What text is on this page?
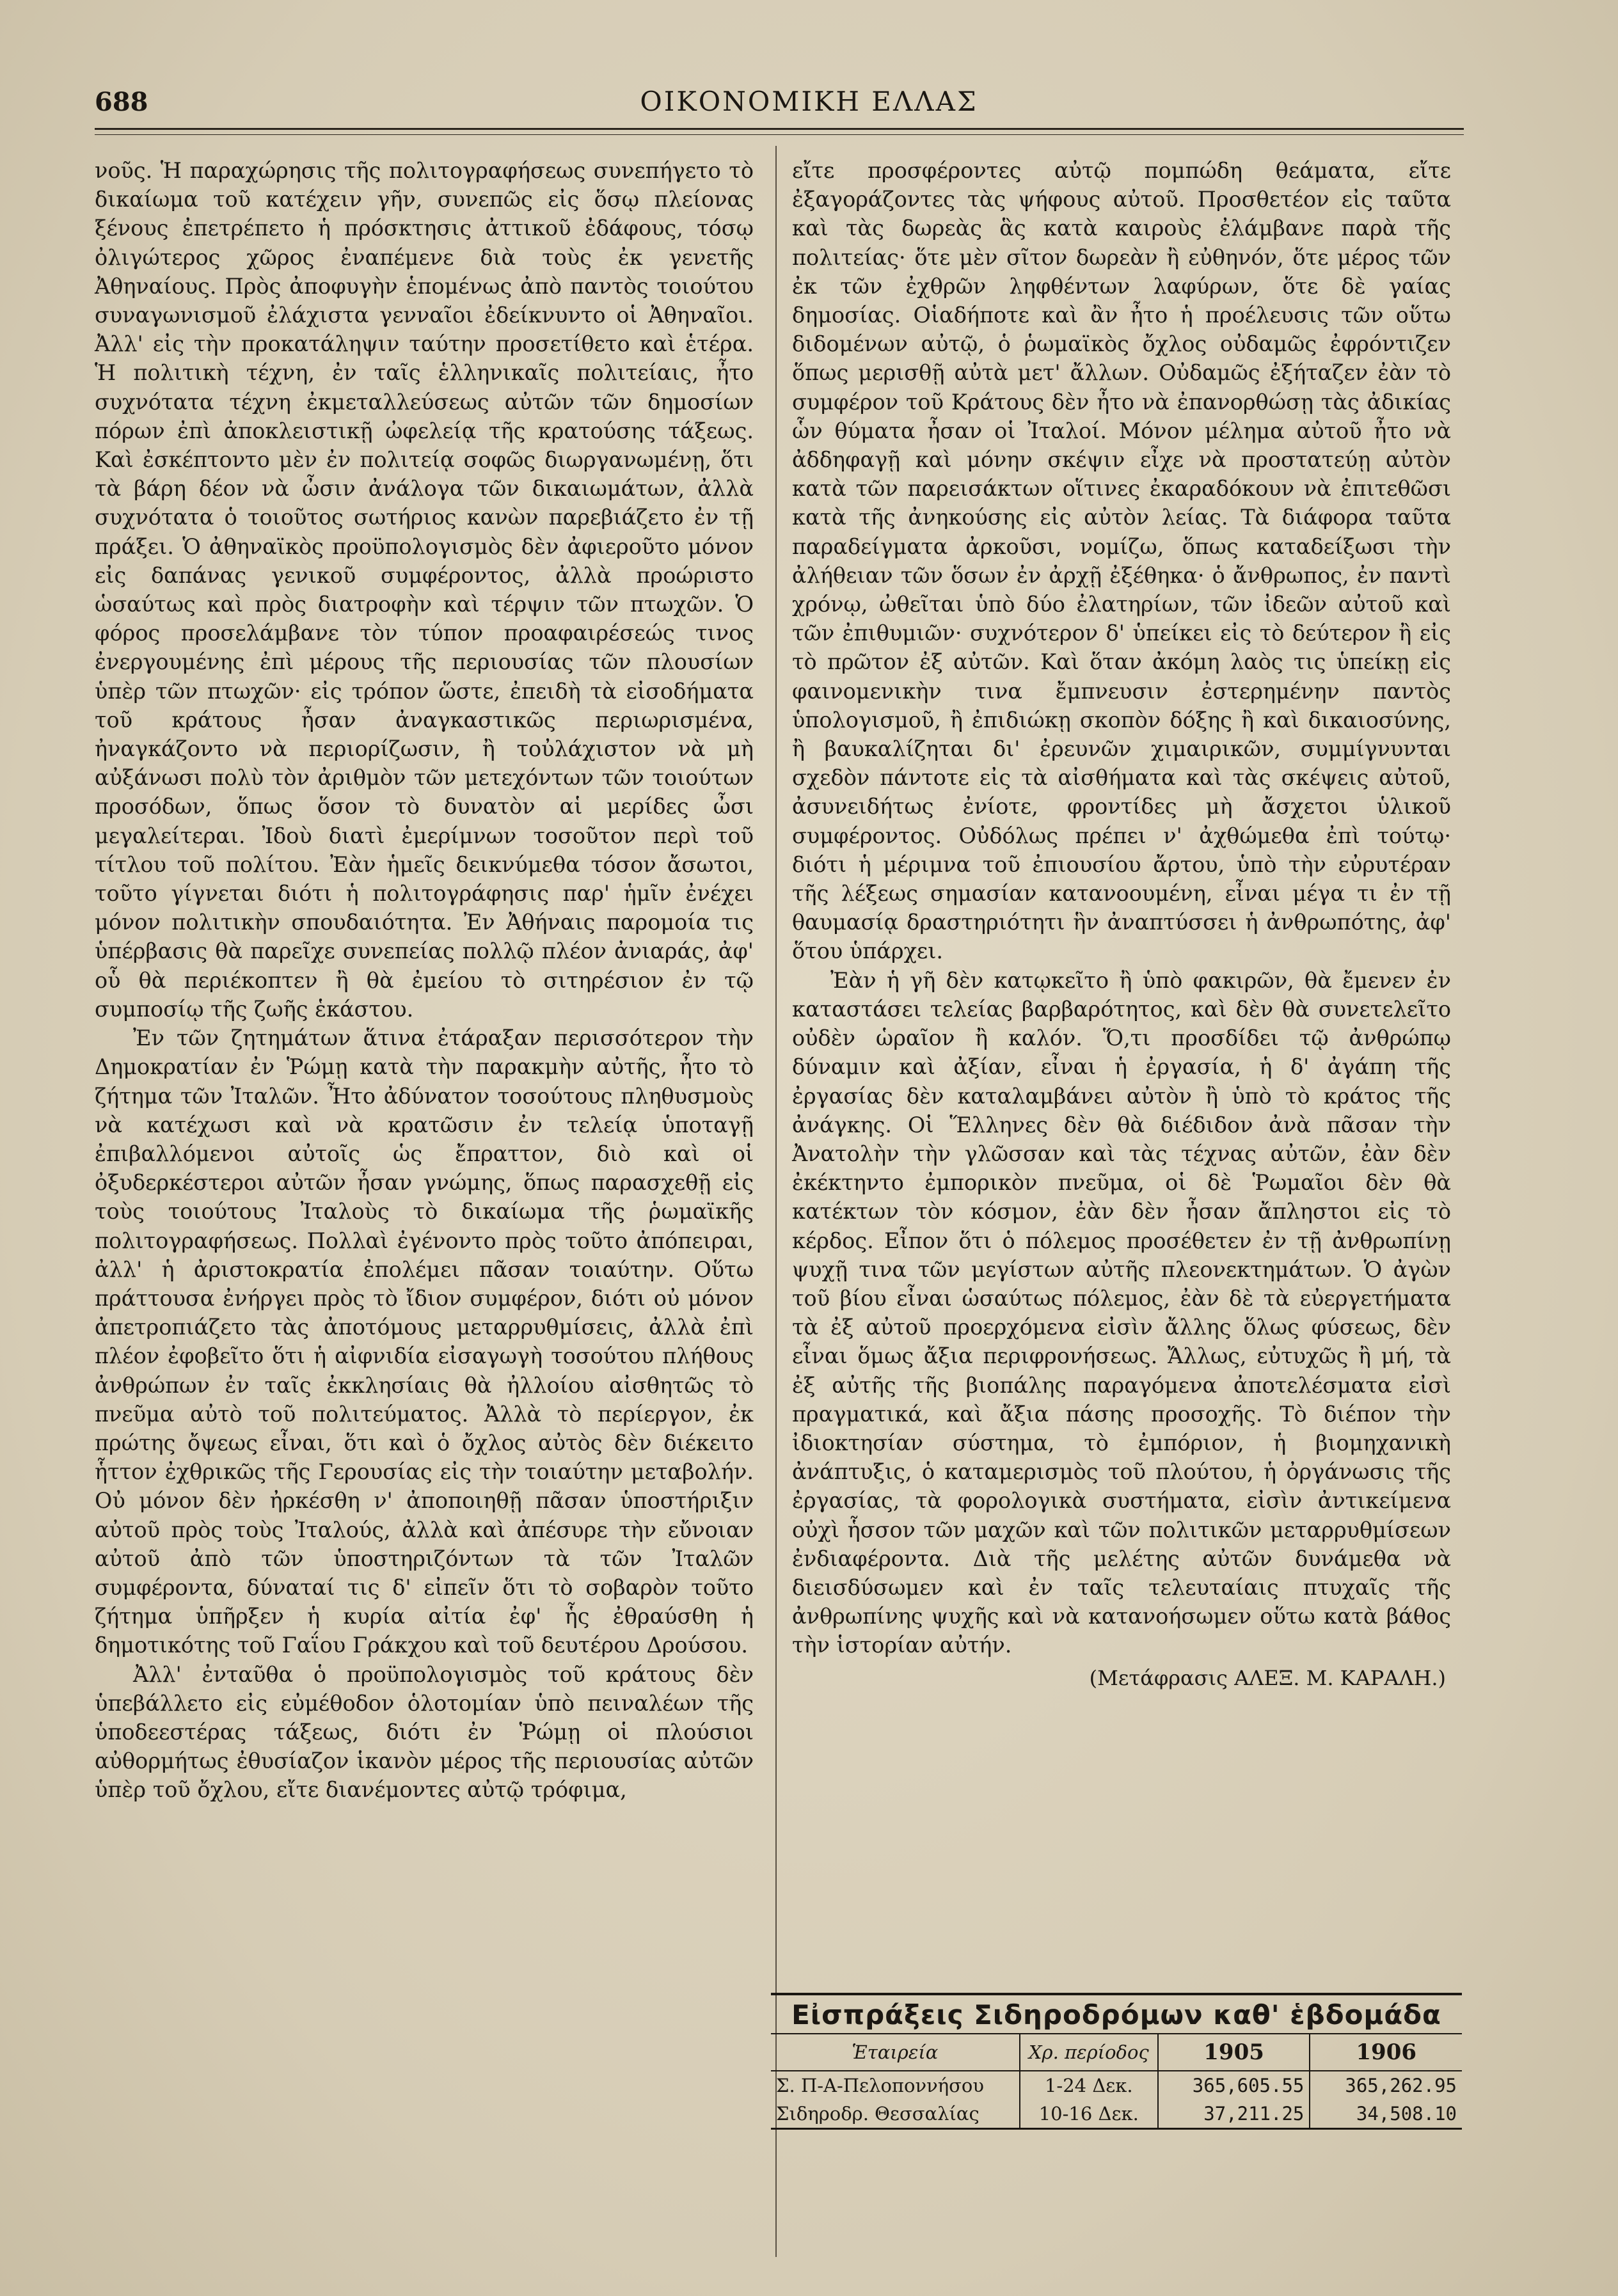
688	ΟΙΚΟΝΟΜΙΚΗ ΕΛΛΑΣ

νοῦς. Ἡ παραχώρησις τῆς πολιτογραφήσεως συνεπήγετο τὸ δικαίωμα τοῦ κατέχειν γῆν, συνεπῶς εἰς ὅσῳ πλείονας ξένους ἐπετρέπετο ἡ πρόσκτησις ἀττικοῦ ἐδάφους, τόσῳ ὀλιγώτερος χῶρος ἐναπέμενε διὰ τοὺς ἐκ γενετῆς Ἀθηναίους. Πρὸς ἀποφυγὴν ἑπομένως ἀπὸ παντὸς τοιούτου συναγωνισμοῦ ἐλάχιστα γενναῖοι ἐδείκνυντο οἱ Ἀθηναῖοι. Ἀλλ' εἰς τὴν προκατάληψιν ταύτην προσετίθετο καὶ ἑτέρα. Ἡ πολιτικὴ τέχνη, ἐν ταῖς ἑλληνικαῖς πολιτείαις, ἦτο συχνότατα τέχνη ἐκμεταλλεύσεως αὐτῶν τῶν δημοσίων πόρων ἐπὶ ἀποκλειστικῇ ὠφελείᾳ τῆς κρατούσης τάξεως. Καὶ ἐσκέπτοντο μὲν ἐν πολιτείᾳ σοφῶς διωργανωμένῃ, ὅτι τὰ βάρη δέον νὰ ὦσιν ἀνάλογα τῶν δικαιωμάτων, ἀλλὰ συχνότατα ὁ τοιοῦτος σωτήριος κανὼν παρεβιάζετο ἐν τῇ πράξει. Ὁ ἀθηναϊκὸς προϋπολογισμὸς δὲν ἀφιεροῦτο μόνον εἰς δαπάνας γενικοῦ συμφέροντος, ἀλλὰ προώριστο ὡσαύτως καὶ πρὸς διατροφὴν καὶ τέρψιν τῶν πτωχῶν. Ὁ φόρος προσελάμβανε τὸν τύπον προαφαιρέσεώς τινος ἐνεργουμένης ἐπὶ μέρους τῆς περιουσίας τῶν πλουσίων ὑπὲρ τῶν πτωχῶν· εἰς τρόπον ὥστε, ἐπειδὴ τὰ εἰσοδήματα τοῦ κράτους ἦσαν ἀναγκαστικῶς περιωρισμένα, ἠναγκάζοντο νὰ περιορίζωσιν, ἢ τοὐλάχιστον νὰ μὴ αὐξάνωσι πολὺ τὸν ἀριθμὸν τῶν μετεχόντων τῶν τοιούτων προσόδων, ὅπως ὅσον τὸ δυνατὸν αἱ μερίδες ὦσι μεγαλείτεραι. Ἰδοὺ διατὶ ἐμερίμνων τοσοῦτον περὶ τοῦ τίτλου τοῦ πολίτου. Ἐὰν ἡμεῖς δεικνύμεθα τόσον ἄσωτοι, τοῦτο γίγνεται διότι ἡ πολιτογράφησις παρ' ἡμῖν ἐνέχει μόνον πολιτικὴν σπουδαιότητα. Ἐν Ἀθήναις παρομοία τις ὑπέρβασις θὰ παρεῖχε συνεπείας πολλῷ πλέον ἀνιαράς, ἀφ' οὗ θὰ περιέκοπτεν ἢ θὰ ἐμείου τὸ σιτηρέσιον ἐν τῷ συμποσίῳ τῆς ζωῆς ἑκάστου.

Ἐν τῶν ζητημάτων ἅτινα ἐτάραξαν περισσότερον τὴν Δημοκρατίαν ἐν Ῥώμῃ κατὰ τὴν παρακμὴν αὐτῆς, ἦτο τὸ ζήτημα τῶν Ἰταλῶν. Ἦτο ἀδύνατον τοσούτους πληθυσμοὺς νὰ κατέχωσι καὶ νὰ κρατῶσιν ἐν τελείᾳ ὑποταγῇ ἐπιβαλλόμενοι αὐτοῖς ὡς ἔπραττον, διὸ καὶ οἱ ὀξυδερκέστεροι αὐτῶν ἦσαν γνώμης, ὅπως παρασχεθῇ εἰς τοὺς τοιούτους Ἰταλοὺς τὸ δικαίωμα τῆς ῥωμαϊκῆς πολιτογραφήσεως. Πολλαὶ ἐγένοντο πρὸς τοῦτο ἀπόπειραι, ἀλλ' ἡ ἀριστοκρατία ἐπολέμει πᾶσαν τοιαύτην. Οὕτω πράττουσα ἐνήργει πρὸς τὸ ἴδιον συμφέρον, διότι οὐ μόνον ἀπετροπιάζετο τὰς ἀποτόμους μεταρρυθμίσεις, ἀλλὰ ἐπὶ πλέον ἐφοβεῖτο ὅτι ἡ αἰφνιδία εἰσαγωγὴ τοσούτου πλήθους ἀνθρώπων ἐν ταῖς ἐκκλησίαις θὰ ἠλλοίου αἰσθητῶς τὸ πνεῦμα αὐτὸ τοῦ πολιτεύματος. Ἀλλὰ τὸ περίεργον, ἐκ πρώτης ὄψεως εἶναι, ὅτι καὶ ὁ ὄχλος αὐτὸς δὲν διέκειτο ἧττον ἐχθρικῶς τῆς Γερουσίας εἰς τὴν τοιαύτην μεταβολήν. Οὐ μόνον δὲν ἠρκέσθη ν' ἀποποιηθῇ πᾶσαν ὑποστήριξιν αὐτοῦ πρὸς τοὺς Ἰταλούς, ἀλλὰ καὶ ἀπέσυρε τὴν εὔνοιαν αὐτοῦ ἀπὸ τῶν ὑποστηριζόντων τὰ τῶν Ἰταλῶν συμφέροντα, δύναταί τις δ' εἰπεῖν ὅτι τὸ σοβαρὸν τοῦτο ζήτημα ὑπῆρξεν ἡ κυρία αἰτία ἐφ' ἧς ἐθραύσθη ἡ δημοτικότης τοῦ Γαΐου Γράκχου καὶ τοῦ δευτέρου Δρούσου.

Ἀλλ' ἐνταῦθα ὁ προϋπολογισμὸς τοῦ κράτους δὲν ὑπεβάλλετο εἰς εὐμέθοδον ὁλοτομίαν ὑπὸ πειναλέων τῆς ὑποδεεστέρας τάξεως, διότι ἐν Ῥώμῃ οἱ πλούσιοι αὐθορμήτως ἐθυσίαζον ἱκανὸν μέρος τῆς περιουσίας αὐτῶν ὑπὲρ τοῦ ὄχλου, εἴτε διανέμοντες αὐτῷ τρόφιμα,

εἴτε προσφέροντες αὐτῷ πομπώδη θεάματα, εἴτε ἐξαγοράζοντες τὰς ψήφους αὐτοῦ. Προσθετέον εἰς ταῦτα καὶ τὰς δωρεὰς ἃς κατὰ καιροὺς ἐλάμβανε παρὰ τῆς πολιτείας· ὅτε μὲν σῖτον δωρεὰν ἢ εὐθηνόν, ὅτε μέρος τῶν ἐκ τῶν ἐχθρῶν ληφθέντων λαφύρων, ὅτε δὲ γαίας δημοσίας. Οἱαδήποτε καὶ ἂν ἦτο ἡ προέλευσις τῶν οὕτω διδομένων αὐτῷ, ὁ ῥωμαϊκὸς ὄχλος οὐδαμῶς ἐφρόντιζεν ὅπως μερισθῇ αὐτὰ μετ' ἄλλων. Οὐδαμῶς ἐξήταζεν ἐὰν τὸ συμφέρον τοῦ Κράτους δὲν ἦτο νὰ ἐπανορθώσῃ τὰς ἀδικίας ὧν θύματα ἦσαν οἱ Ἰταλοί. Μόνον μέλημα αὐτοῦ ἦτο νὰ ἀδδηφαγῇ καὶ μόνην σκέψιν εἶχε νὰ προστατεύῃ αὐτὸν κατὰ τῶν παρεισάκτων οἵτινες ἐκαραδόκουν νὰ ἐπιτεθῶσι κατὰ τῆς ἀνηκούσης εἰς αὐτὸν λείας. Τὰ διάφορα ταῦτα παραδείγματα ἀρκοῦσι, νομίζω, ὅπως καταδείξωσι τὴν ἀλήθειαν τῶν ὅσων ἐν ἀρχῇ ἐξέθηκα· ὁ ἄνθρωπος, ἐν παντὶ χρόνῳ, ὠθεῖται ὑπὸ δύο ἐλατηρίων, τῶν ἰδεῶν αὐτοῦ καὶ τῶν ἐπιθυμιῶν· συχνότερον δ' ὑπείκει εἰς τὸ δεύτερον ἢ εἰς τὸ πρῶτον ἐξ αὐτῶν. Καὶ ὅταν ἀκόμη λαὸς τις ὑπείκῃ εἰς φαινομενικὴν τινα ἔμπνευσιν ἐστερημένην παντὸς ὑπολογισμοῦ, ἢ ἐπιδιώκῃ σκοπὸν δόξης ἢ καὶ δικαιοσύνης, ἢ βαυκαλίζηται δι' ἐρευνῶν χιμαιρικῶν, συμμίγνυνται σχεδὸν πάντοτε εἰς τὰ αἰσθήματα καὶ τὰς σκέψεις αὐτοῦ, ἀσυνειδήτως ἐνίοτε, φροντίδες μὴ ἄσχετοι ὑλικοῦ συμφέροντος. Οὐδόλως πρέπει ν' ἀχθώμεθα ἐπὶ τούτῳ· διότι ἡ μέριμνα τοῦ ἐπιουσίου ἄρτου, ὑπὸ τὴν εὐρυτέραν τῆς λέξεως σημασίαν κατανοουμένη, εἶναι μέγα τι ἐν τῇ θαυμασίᾳ δραστηριότητι ἣν ἀναπτύσσει ἡ ἀνθρωπότης, ἀφ' ὅτου ὑπάρχει.

Ἐὰν ἡ γῆ δὲν κατῳκεῖτο ἢ ὑπὸ φακιρῶν, θὰ ἔμενεν ἐν καταστάσει τελείας βαρβαρότητος, καὶ δὲν θὰ συνετελεῖτο οὐδὲν ὡραῖον ἢ καλόν. Ὅ,τι προσδίδει τῷ ἀνθρώπῳ δύναμιν καὶ ἀξίαν, εἶναι ἡ ἐργασία, ἡ δ' ἀγάπη τῆς ἐργασίας δὲν καταλαμβάνει αὐτὸν ἢ ὑπὸ τὸ κράτος τῆς ἀνάγκης. Οἱ Ἕλληνες δὲν θὰ διέδιδον ἀνὰ πᾶσαν τὴν Ἀνατολὴν τὴν γλῶσσαν καὶ τὰς τέχνας αὐτῶν, ἐὰν δὲν ἐκέκτηντο ἐμπορικὸν πνεῦμα, οἱ δὲ Ῥωμαῖοι δὲν θὰ κατέκτων τὸν κόσμον, ἐὰν δὲν ἦσαν ἄπληστοι εἰς τὸ κέρδος. Εἶπον ὅτι ὁ πόλεμος προσέθετεν ἐν τῇ ἀνθρωπίνῃ ψυχῇ τινα τῶν μεγίστων αὐτῆς πλεονεκτημάτων. Ὁ ἀγὼν τοῦ βίου εἶναι ὡσαύτως πόλεμος, ἐὰν δὲ τὰ εὐεργετήματα τὰ ἐξ αὐτοῦ προερχόμενα εἰσὶν ἄλλης ὅλως φύσεως, δὲν εἶναι ὅμως ἄξια περιφρονήσεως. Ἄλλως, εὐτυχῶς ἢ μή, τὰ ἐξ αὐτῆς τῆς βιοπάλης παραγόμενα ἀποτελέσματα εἰσὶ πραγματικά, καὶ ἄξια πάσης προσοχῆς. Τὸ διέπον τὴν ἰδιοκτησίαν σύστημα, τὸ ἐμπόριον, ἡ βιομηχανικὴ ἀνάπτυξις, ὁ καταμερισμὸς τοῦ πλούτου, ἡ ὀργάνωσις τῆς ἐργασίας, τὰ φορολογικὰ συστήματα, εἰσὶν ἀντικείμενα οὐχὶ ἧσσον τῶν μαχῶν καὶ τῶν πολιτικῶν μεταρρυθμίσεων ἐνδιαφέροντα. Διὰ τῆς μελέτης αὐτῶν δυνάμεθα νὰ διεισδύσωμεν καὶ ἐν ταῖς τελευταίαις πτυχαῖς τῆς ἀνθρωπίνης ψυχῆς καὶ νὰ κατανοήσωμεν οὕτω κατὰ βάθος τὴν ἱστορίαν αὐτήν.

(Μετάφρασις ΑΛΕΞ. Μ. ΚΑΡΑΛΗ.)
Εἰσπράξεις Σιδηροδρόμων καθ' ἑβδομάδα
Ἑταιρεία	Χρ. περίοδος	1905	1906
Σ. Π-Α-Πελοποννήσου	1-24 Δεκ.	365,605.55	365,262.95
Σιδηροδρ. Θεσσαλίας	10-16 Δεκ.	37,211.25	34,508.10
